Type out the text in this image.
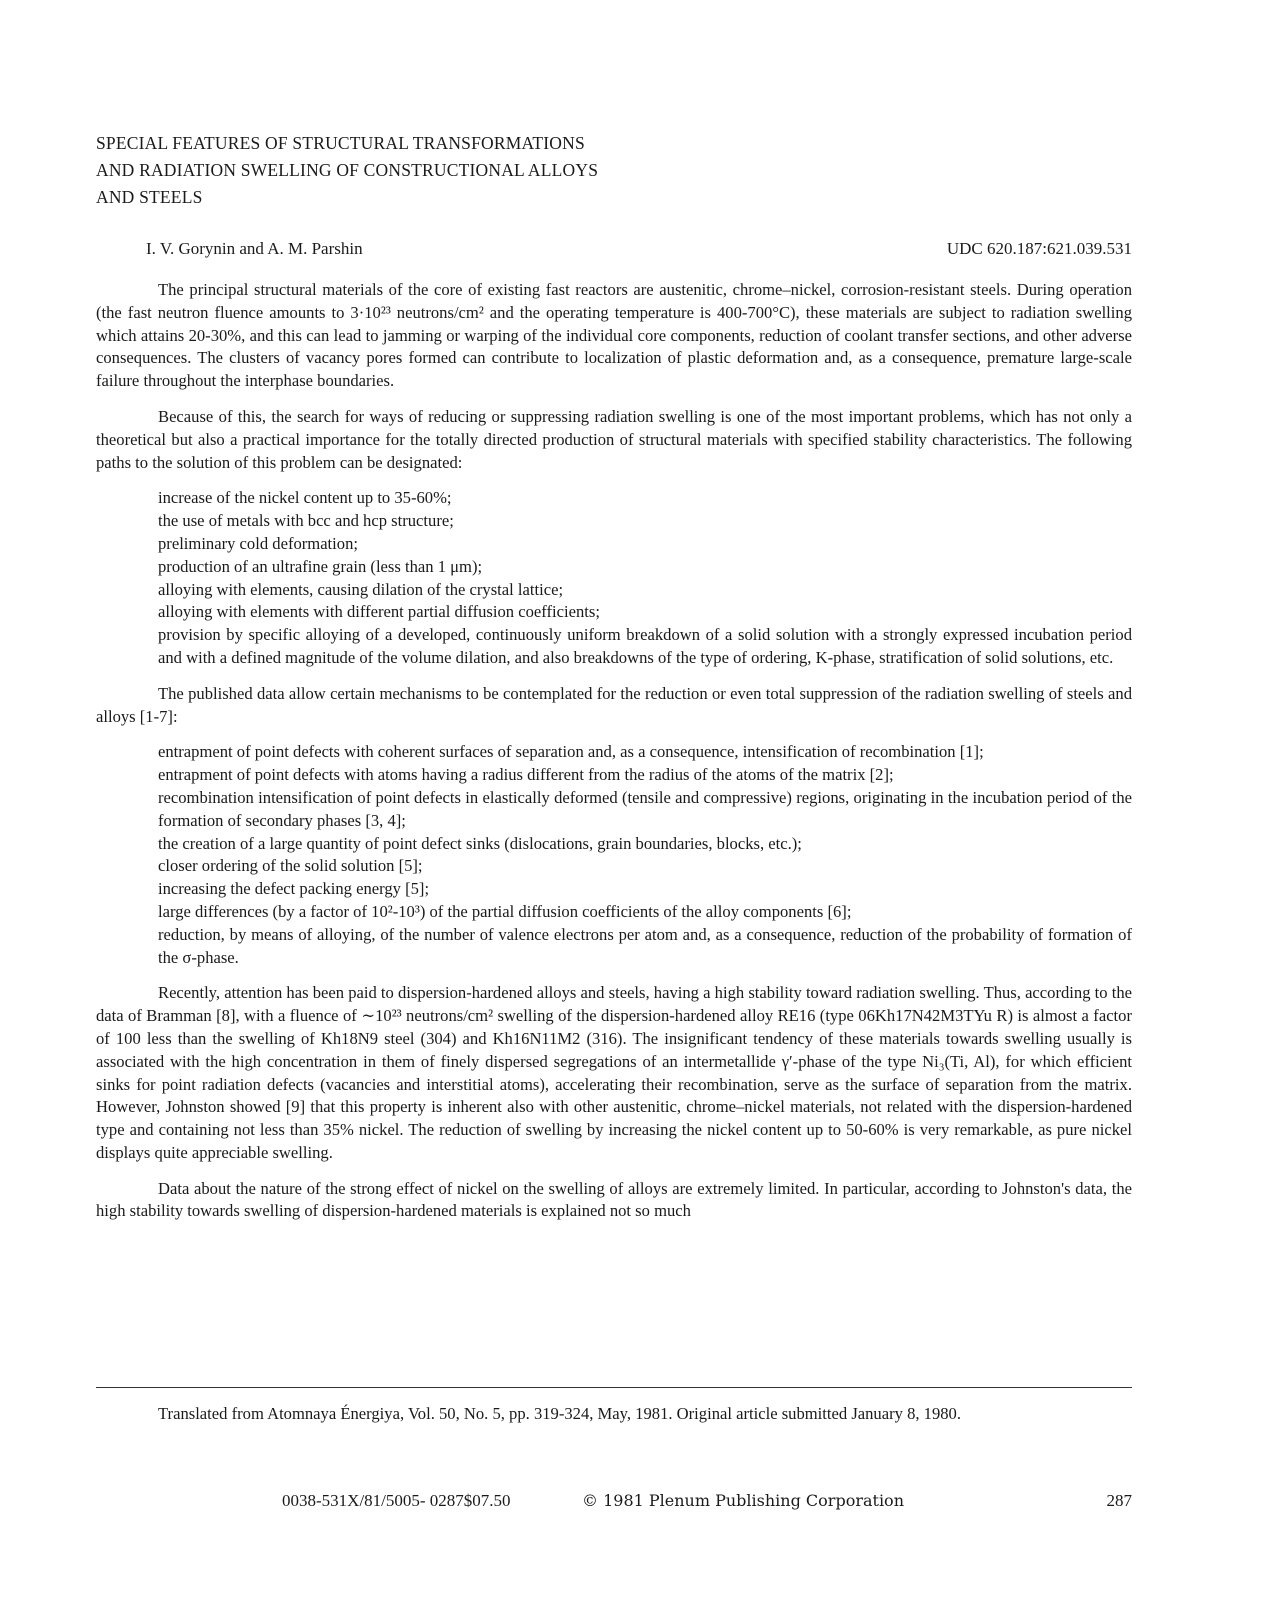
SPECIAL FEATURES OF STRUCTURAL TRANSFORMATIONS
AND RADIATION SWELLING OF CONSTRUCTIONAL ALLOYS
AND STEELS
I. V. Gorynin and A. M. Parshin	UDC 620.187:621.039.531

The principal structural materials of the core of existing fast reactors are austenitic, chrome–nickel, corrosion-resistant steels. During operation (the fast neutron fluence amounts to 3·10²³ neutrons/cm² and the operating temperature is 400-700°C), these materials are subject to radiation swelling which attains 20-30%, and this can lead to jamming or warping of the individual core components, reduction of coolant transfer sections, and other adverse consequences. The clusters of vacancy pores formed can contribute to localization of plastic deformation and, as a consequence, premature large-scale failure throughout the interphase boundaries.

Because of this, the search for ways of reducing or suppressing radiation swelling is one of the most important problems, which has not only a theoretical but also a practical importance for the totally directed production of structural materials with specified stability characteristics. The following paths to the solution of this problem can be designated:

increase of the nickel content up to 35-60%;
the use of metals with bcc and hcp structure;
preliminary cold deformation;
production of an ultrafine grain (less than 1 μm);
alloying with elements, causing dilation of the crystal lattice;
alloying with elements with different partial diffusion coefficients;
provision by specific alloying of a developed, continuously uniform breakdown of a solid solution with a strongly expressed incubation period and with a defined magnitude of the volume dilation, and also breakdowns of the type of ordering, K-phase, stratification of solid solutions, etc.

The published data allow certain mechanisms to be contemplated for the reduction or even total suppression of the radiation swelling of steels and alloys [1-7]:

entrapment of point defects with coherent surfaces of separation and, as a consequence, intensification of recombination [1];
entrapment of point defects with atoms having a radius different from the radius of the atoms of the matrix [2];
recombination intensification of point defects in elastically deformed (tensile and compressive) regions, originating in the incubation period of the formation of secondary phases [3, 4];
the creation of a large quantity of point defect sinks (dislocations, grain boundaries, blocks, etc.);
closer ordering of the solid solution [5];
increasing the defect packing energy [5];
large differences (by a factor of 10²-10³) of the partial diffusion coefficients of the alloy components [6];
reduction, by means of alloying, of the number of valence electrons per atom and, as a consequence, reduction of the probability of formation of the σ-phase.

Recently, attention has been paid to dispersion-hardened alloys and steels, having a high stability toward radiation swelling. Thus, according to the data of Bramman [8], with a fluence of ∼10²³ neutrons/cm² swelling of the dispersion-hardened alloy RE16 (type 06Kh17N42M3TYu R) is almost a factor of 100 less than the swelling of Kh18N9 steel (304) and Kh16N11M2 (316). The insignificant tendency of these materials towards swelling usually is associated with the high concentration in them of finely dispersed segregations of an intermetallide γ′-phase of the type Ni₃(Ti, Al), for which efficient sinks for point radiation defects (vacancies and interstitial atoms), accelerating their recombination, serve as the surface of separation from the matrix. However, Johnston showed [9] that this property is inherent also with other austenitic, chrome–nickel materials, not related with the dispersion-hardened type and containing not less than 35% nickel. The reduction of swelling by increasing the nickel content up to 50-60% is very remarkable, as pure nickel displays quite appreciable swelling.

Data about the nature of the strong effect of nickel on the swelling of alloys are extremely limited. In particular, according to Johnston's data, the high stability towards swelling of dispersion-hardened materials is explained not so much

Translated from Atomnaya Énergiya, Vol. 50, No. 5, pp. 319-324, May, 1981. Original article submitted January 8, 1980.
0038-531X/81/5005- 0287$07.50	© 1981 Plenum Publishing Corporation	287
